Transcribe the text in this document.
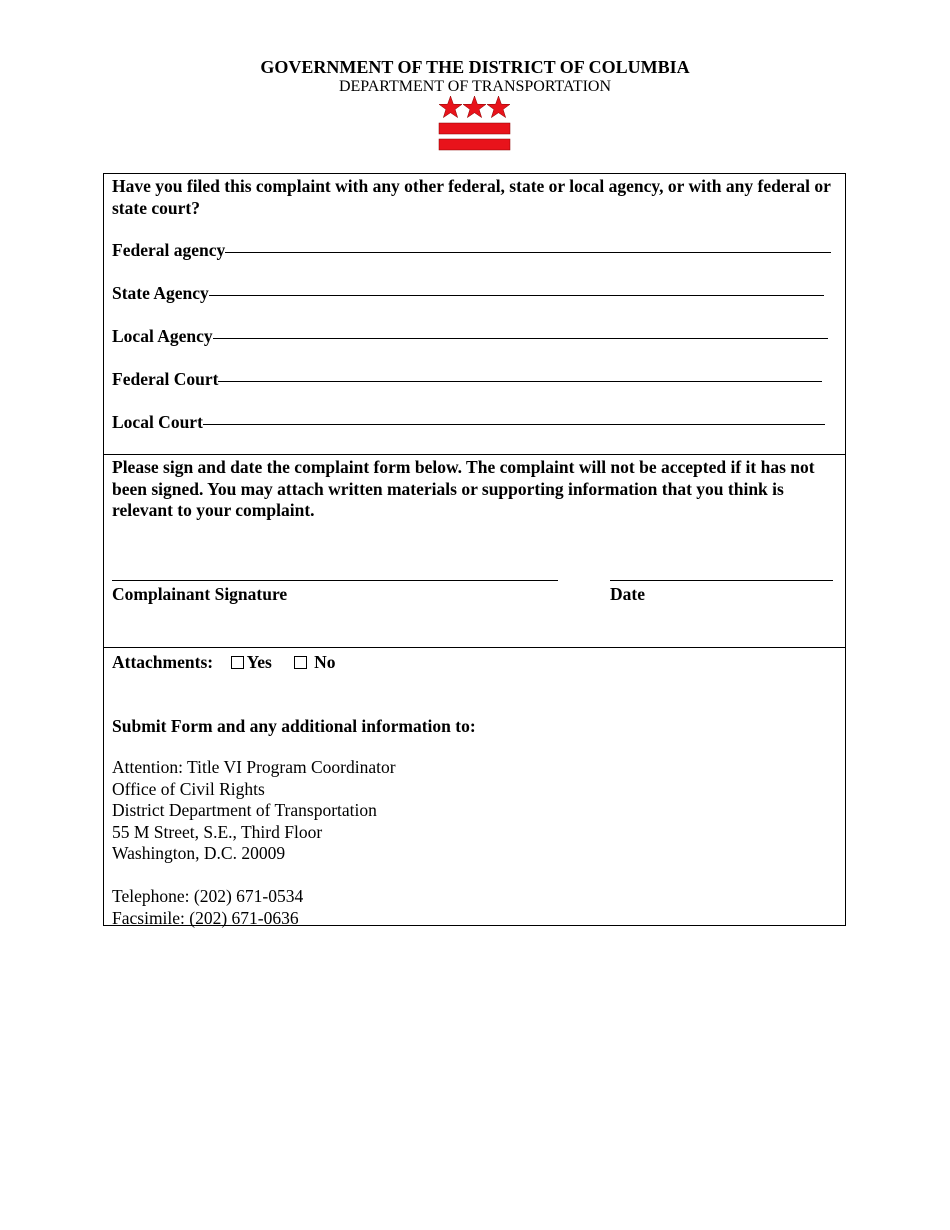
GOVERNMENT OF THE DISTRICT OF COLUMBIA
DEPARTMENT OF TRANSPORTATION
Have you filed this complaint with any other federal, state or local agency, or with any federal or state court?
Federal agency
State Agency
Local Agency
Federal Court
Local Court
Please sign and date the complaint form below. The complaint will not be accepted if it has not been signed. You may attach written materials or supporting information that you think is relevant to your complaint.
Complainant Signature	Date
Attachments: Yes No
Submit Form and any additional information to:
Attention: Title VI Program Coordinator
Office of Civil Rights
District Department of Transportation
55 M Street, S.E., Third Floor
Washington, D.C. 20009
Telephone: (202) 671-0534
Facsimile: (202) 671-0636
